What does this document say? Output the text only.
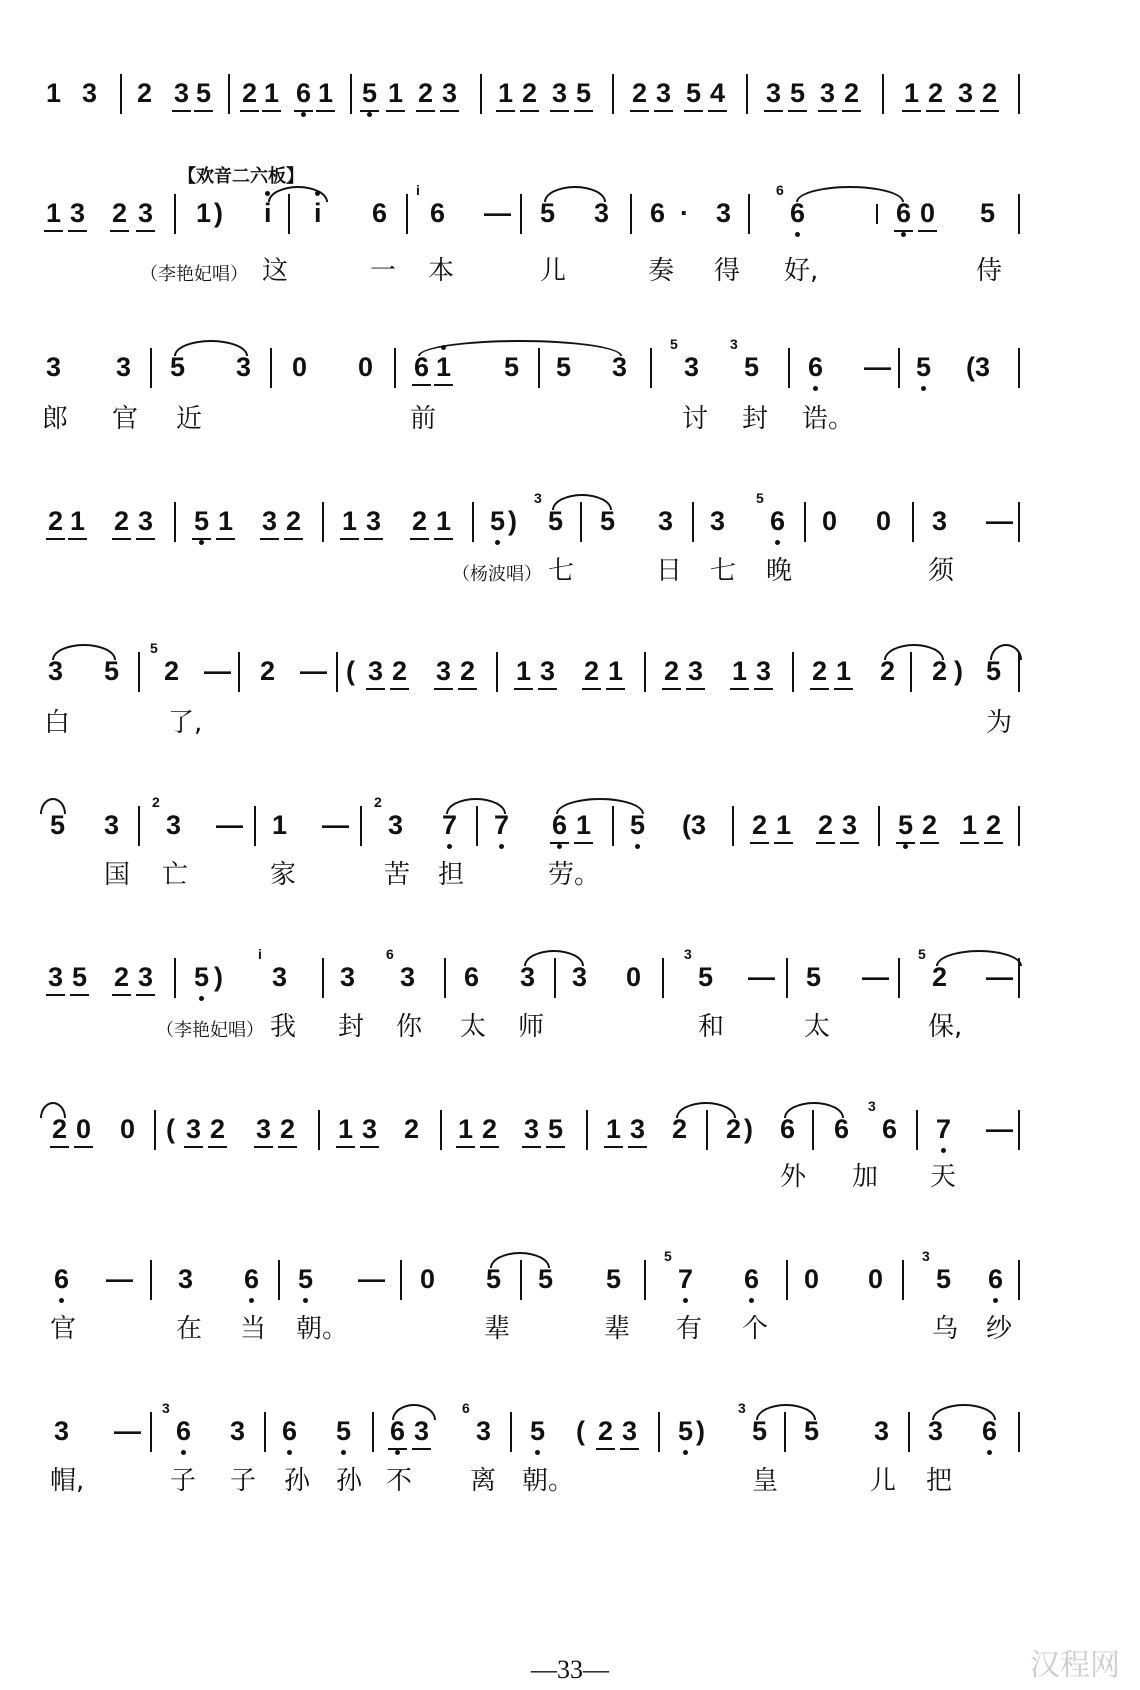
1 3 2 3 5 2 1 6 1 5 1 2 3 1 2 3 5 2 3 5 4 3 5 3 2 1 2 3 2
【欢音二六板】
1 3 2 3 1 ) i i 6
i
6 — 5 3 6 · 3
6
6	6 0 5
（李艳妃唱） 这	一 本	儿	奏 得 好,	侍
3 3 5 3 0 0 6 1 5 5 3
5
3
3
5 6 — 5 (3
郎 官 近	前	讨 封 诰。
2 1 2 3 5 1 3 2 1 3 2 1 5 )
3
5 5 3 3
5
6 0 0 3 —
（杨波唱） 七	日 七 晚	须
3 5
5
2 — 2 — ( 3 2 3 2 1 3 2 1 2 3 1 3 2 1 2 2 ) 5
白	了,	为
5 3
2
3 — 1 —
2
3 7 7 6 1 5 (3 2 1 2 3 5 2 1 2
国 亡	家	苦 担	劳。
3 5 2 3 5 )
i
3 3
6
3 6 3 3 0
3
5 — 5 —
5
2 —
（李艳妃唱） 我 封 你 太 师	和	太	保,
2 0 0 ( 3 2 3 2 1 3 2 1 2 3 5 1 3 2 2 ) 6 6
3
6 7 —
外 加 天
6 — 3 6 5 — 0 5 5 5
5
7 6 0 0
3
5 6
官	在 当 朝。	辈	辈 有 个	乌 纱
3 —
3
6 3 6 5 6 3
6
3 5 ( 2 3 5 )
3
5 5 3 3 6
帽,	子 子 孙 孙 不 离 朝。	皇	儿 把
—33—	汉程网
